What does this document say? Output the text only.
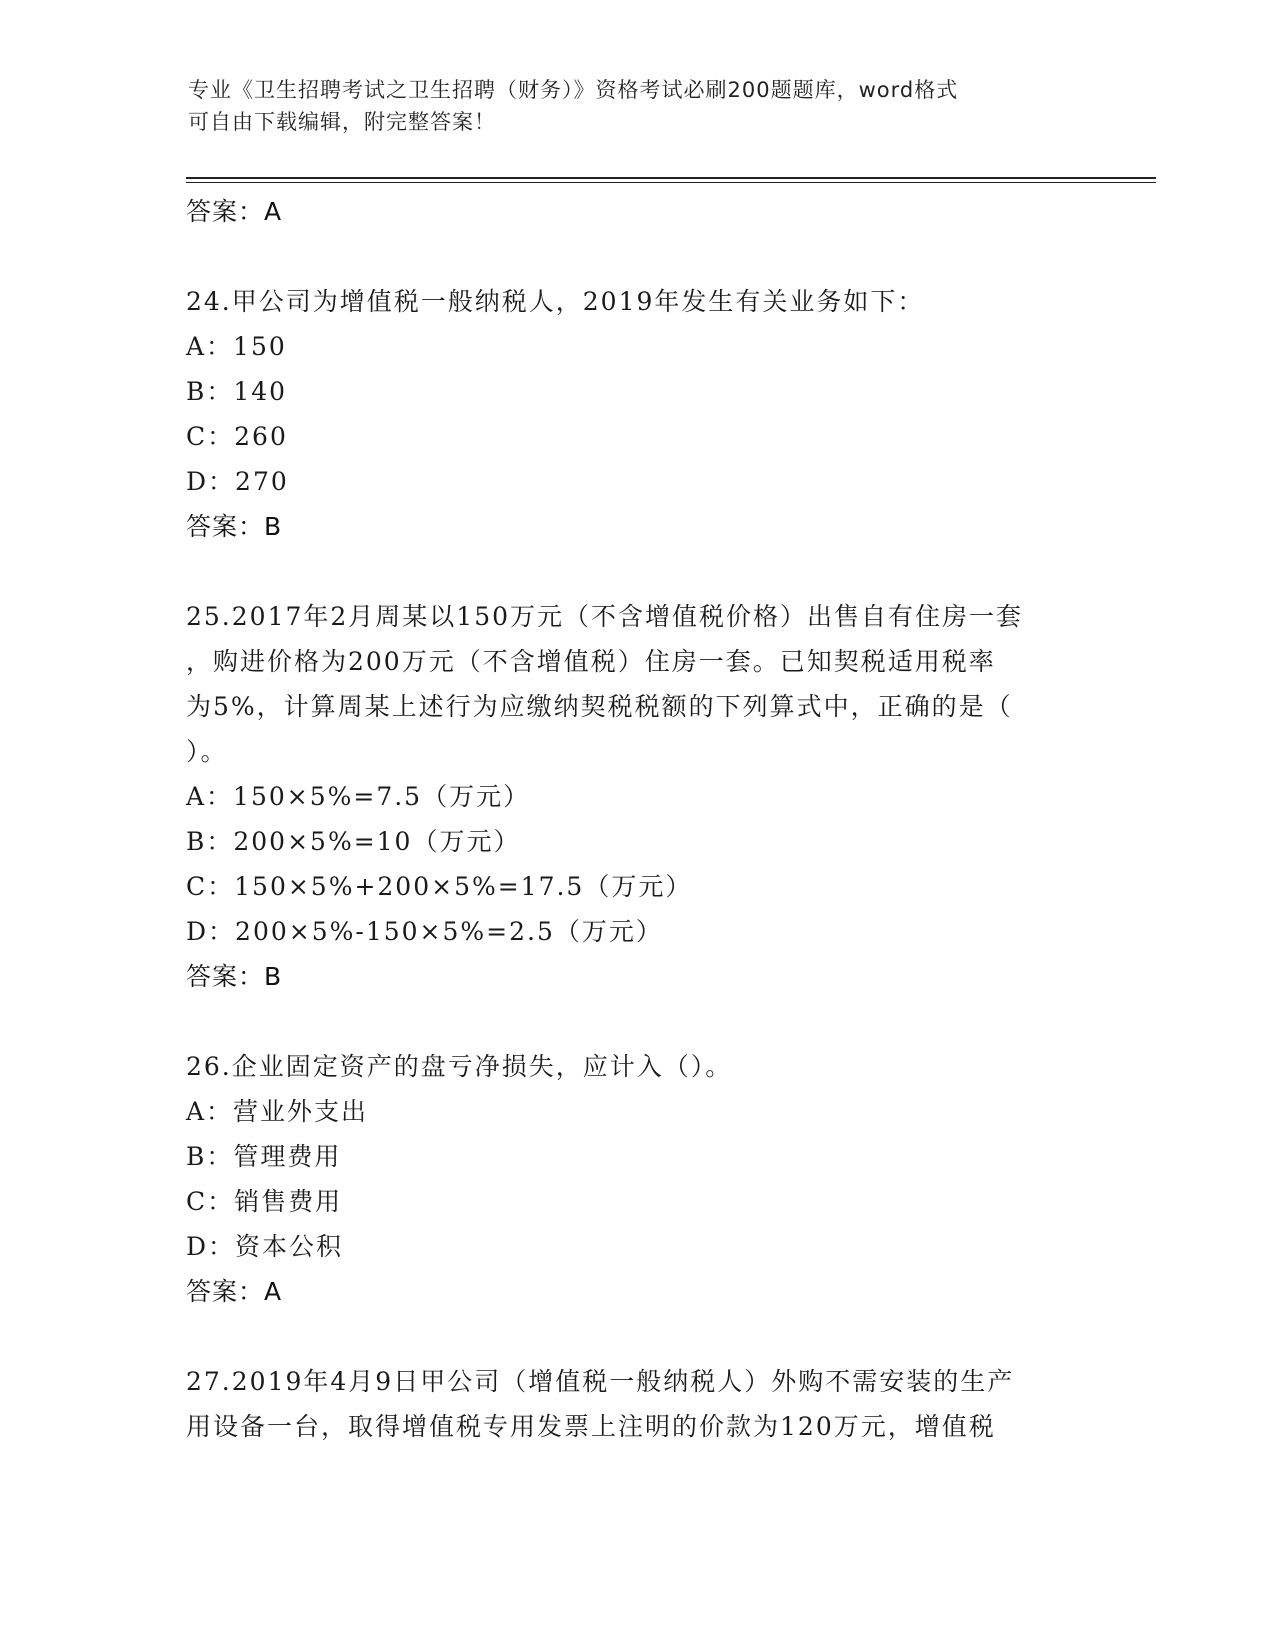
专业《卫生招聘考试之卫生招聘（财务）》资格考试必刷200题题库，word格式
可自由下载编辑，附完整答案！
答案：A
24.甲公司为增值税一般纳税人，2019年发生有关业务如下：
A：150
B：140
C：260
D：270
答案：B
25.2017年2月周某以150万元（不含增值税价格）出售自有住房一套
，购进价格为200万元（不含增值税）住房一套。已知契税适用税率
为5%，计算周某上述行为应缴纳契税税额的下列算式中，正确的是（
）。
A：150×5%=7.5（万元）
B：200×5%=10（万元）
C：150×5%+200×5%=17.5（万元）
D：200×5%-150×5%=2.5（万元）
答案：B
26.企业固定资产的盘亏净损失，应计入（）。
A：营业外支出
B：管理费用
C：销售费用
D：资本公积
答案：A
27.2019年4月9日甲公司（增值税一般纳税人）外购不需安装的生产
用设备一台，取得增值税专用发票上注明的价款为120万元，增值税
